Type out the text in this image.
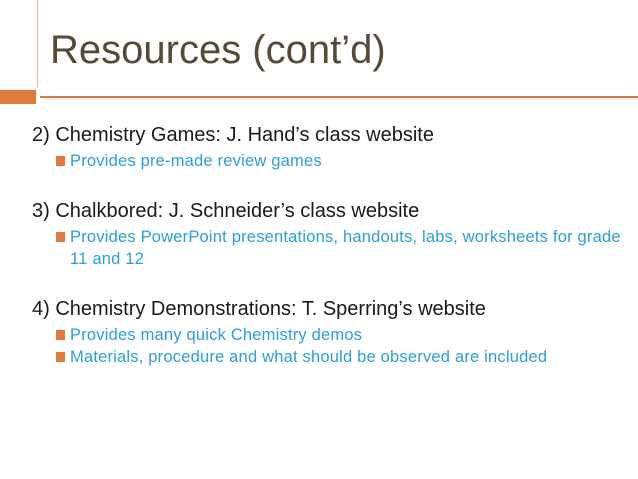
Resources (cont’d)
2) Chemistry Games: J. Hand’s class website
Provides pre-made review games
3) Chalkbored: J. Schneider’s class website
Provides PowerPoint presentations, handouts, labs, worksheets for grade 11 and 12
4) Chemistry Demonstrations: T. Sperring’s website
Provides many quick Chemistry demos
Materials, procedure and what should be observed are included
